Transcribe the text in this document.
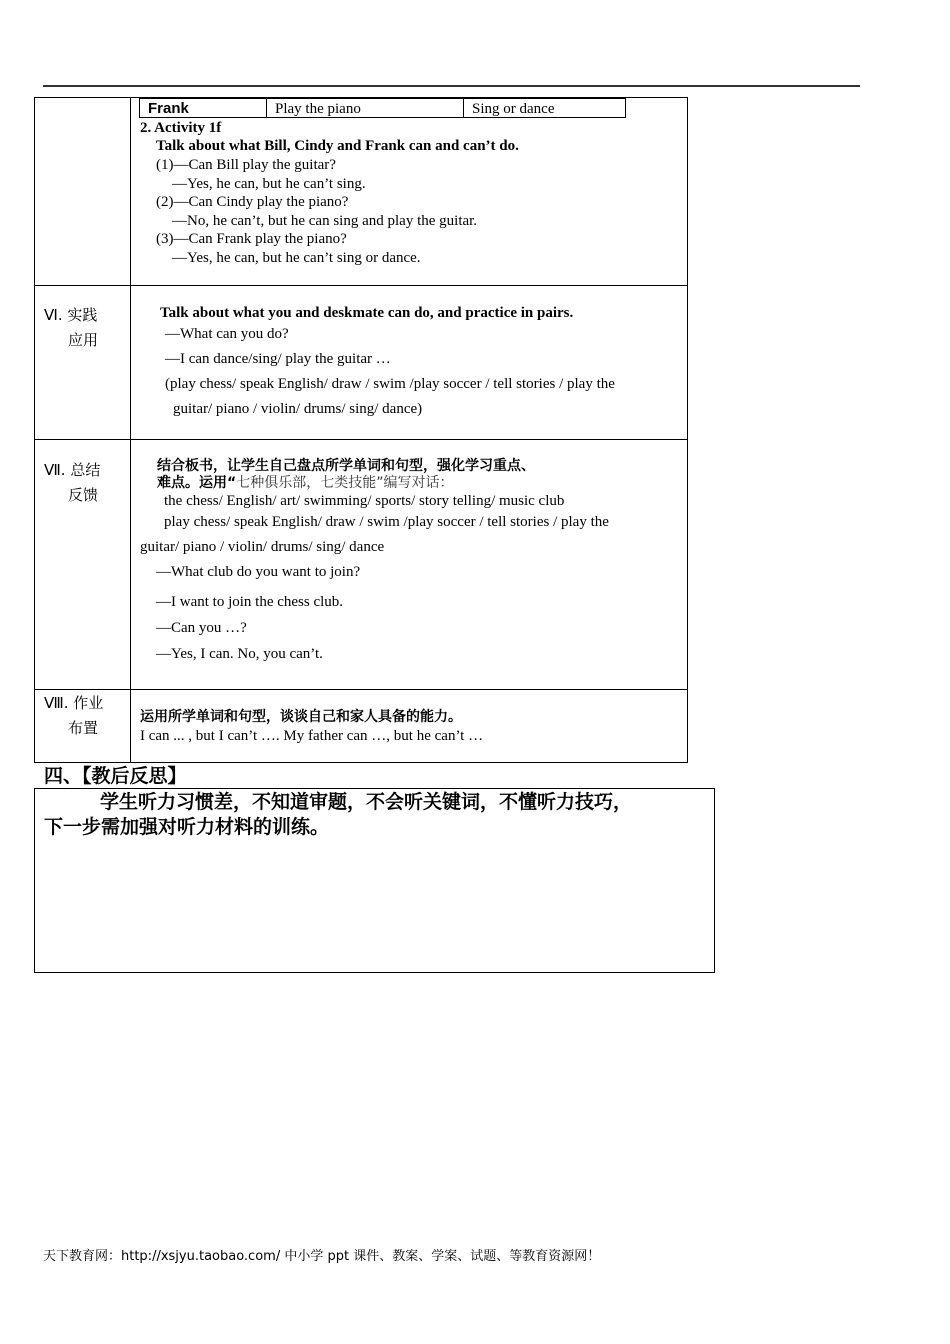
Frank	Play the piano	Sing or dance
2. Activity 1f
Talk about what Bill, Cindy and Frank can and can’t do.
(1)—Can Bill play the guitar?
—Yes, he can, but he can’t sing.
(2)—Can Cindy play the piano?
—No, he can’t, but he can sing and play the guitar.
(3)—Can Frank play the piano?
—Yes, he can, but he can’t sing or dance.
Ⅵ. 实践
应用
Talk about what you and deskmate can do, and practice in pairs.
—What can you do?
—I can dance/sing/ play the guitar …
(play chess/ speak English/ draw / swim /play soccer / tell stories / play the
guitar/ piano / violin/ drums/ sing/ dance)
Ⅶ. 总结
反馈
结合板书，让学生自己盘点所学单词和句型，强化学习重点、
难点。运用“七种俱乐部，七类技能”编写对话：
the chess/ English/ art/ swimming/ sports/ story telling/ music club
play chess/ speak English/ draw / swim /play soccer / tell stories / play the
guitar/ piano / violin/ drums/ sing/ dance
—What club do you want to join?
—I want to join the chess club.
—Can you …?
—Yes, I can. No, you can’t.
Ⅷ. 作业
布置
运用所学单词和句型，谈谈自己和家人具备的能力。
I can ... , but I can’t …. My father can …, but he can’t …
四、【教后反思】
学生听力习惯差，不知道审题，不会听关键词，不懂听力技巧，
下一步需加强对听力材料的训练。
天下教育网：http://xsjyu.taobao.com/ 中小学 ppt 课件、教案、学案、试题、等教育资源网！
